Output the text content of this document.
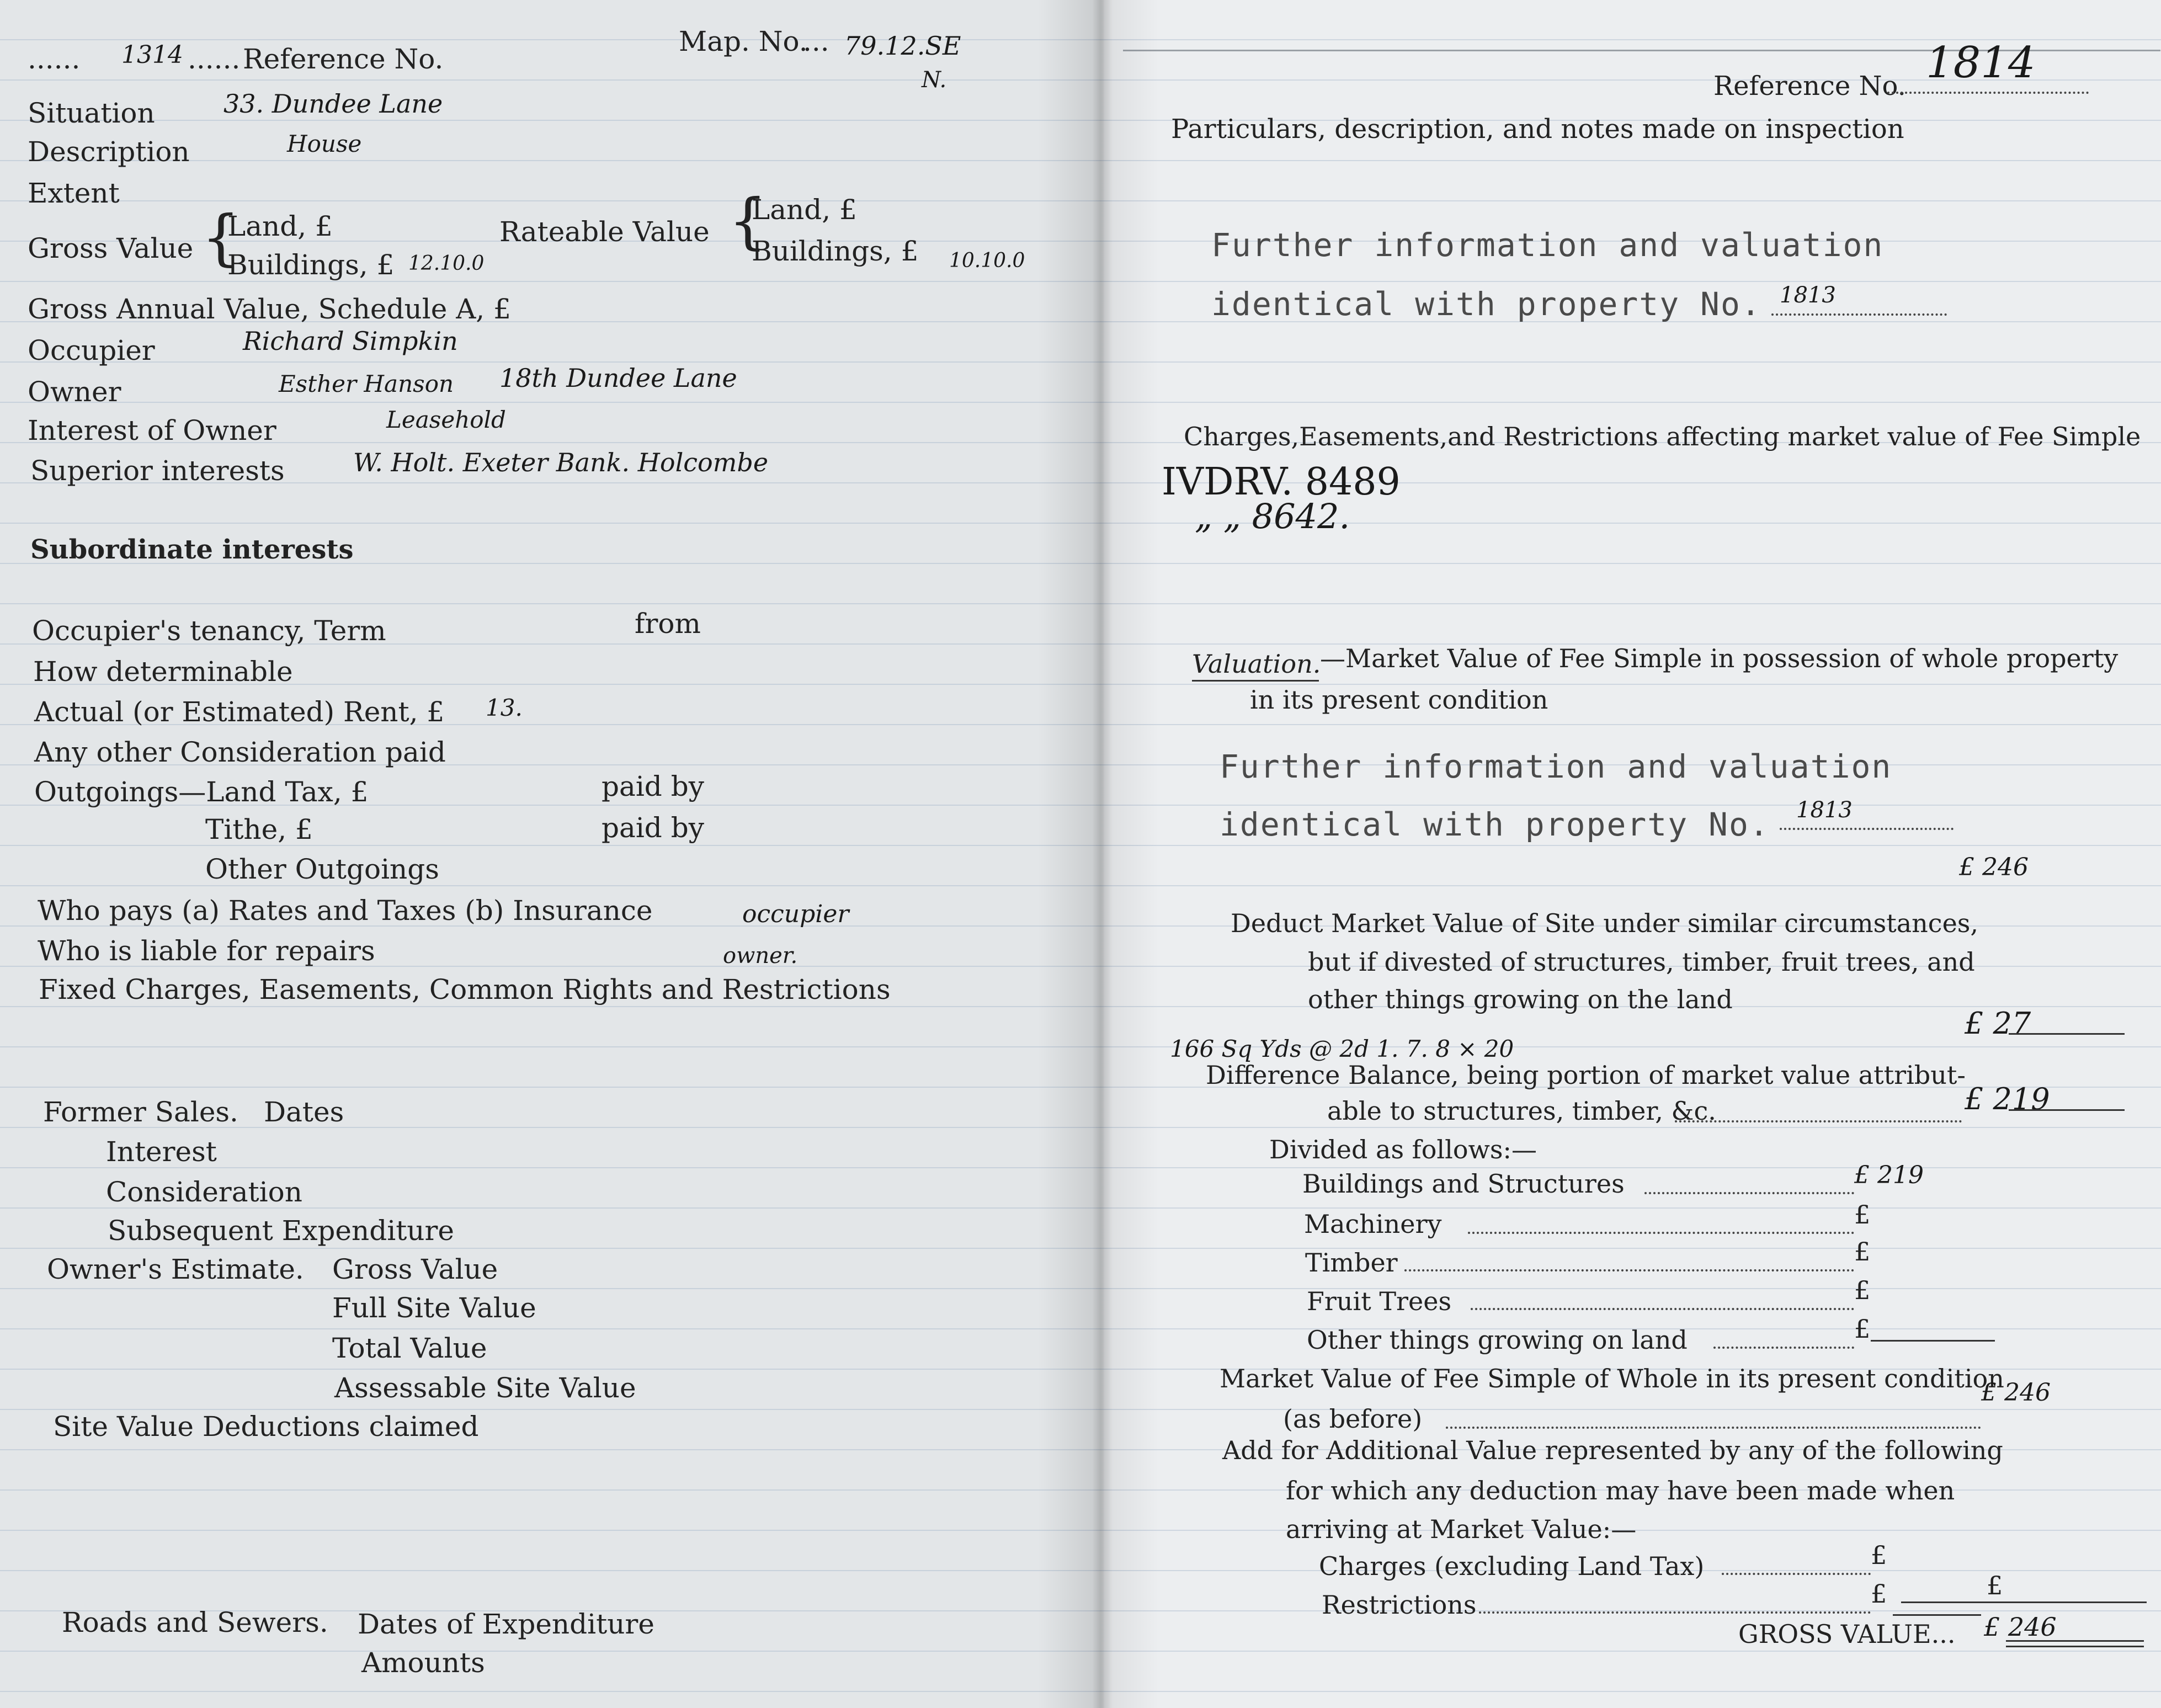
...... 1314 ...... Reference No.
Map. No.
... 79.12.SE
N.
Situation	33. Dundee Lane
Description	House
Extent
Gross Value {
Land, £
Buildings, £ 12.10.0
Rateable Value {
Land, £
Buildings, £ 10.10.0
Gross Annual Value, Schedule A, £
Occupier	Richard Simpkin
Owner	Esther Hanson 18th Dundee Lane
Interest of Owner	Leasehold
Superior interests	W. Holt. Exeter Bank. Holcombe
Subordinate interests
Occupier's tenancy, Term	from
How determinable
Actual (or Estimated) Rent, £ 13.
Any other Consideration paid
Outgoings—Land Tax, £	paid by
Tithe, £	paid by
Other Outgoings
Who pays (a) Rates and Taxes (b) Insurance	occupier
Who is liable for repairs	owner.
Fixed Charges, Easements, Common Rights and Restrictions
Former Sales. Dates
Interest
Consideration
Subsequent Expenditure
Owner's Estimate. Gross Value
Full Site Value
Total Value
Assessable Site Value
Site Value Deductions claimed
Roads and Sewers. Dates of Expenditure
Amounts
Reference No. 1814
Particulars, description, and notes made on inspection
Further information and valuation
identical with property No. 1813
Charges,Easements,and Restrictions affecting market value of Fee Simple
IVDRV. 8489
„ „ 8642.
Valuation.
—Market Value of Fee Simple in possession of whole property
in its present condition
Further information and valuation
identical with property No. 1813
£ 246
Deduct Market Value of Site under similar circumstances,
but if divested of structures, timber, fruit trees, and
other things growing on the land
£ 27
166 Sq Yds @ 2d 1. 7. 8 × 20
Difference Balance, being portion of market value attribut-
able to structures, timber, &c.	£ 219
Divided as follows:—
Buildings and Structures	£ 219
Machinery	£
Timber	£
Fruit Trees	£
Other things growing on land	£
Market Value of Fee Simple of Whole in its present condition
(as before)
£ 246
Add for Additional Value represented by any of the following
for which any deduction may have been made when
arriving at Market Value:—
Charges (excluding Land Tax)	£
Restrictions	£	£
GROSS VALUE... £ 246
